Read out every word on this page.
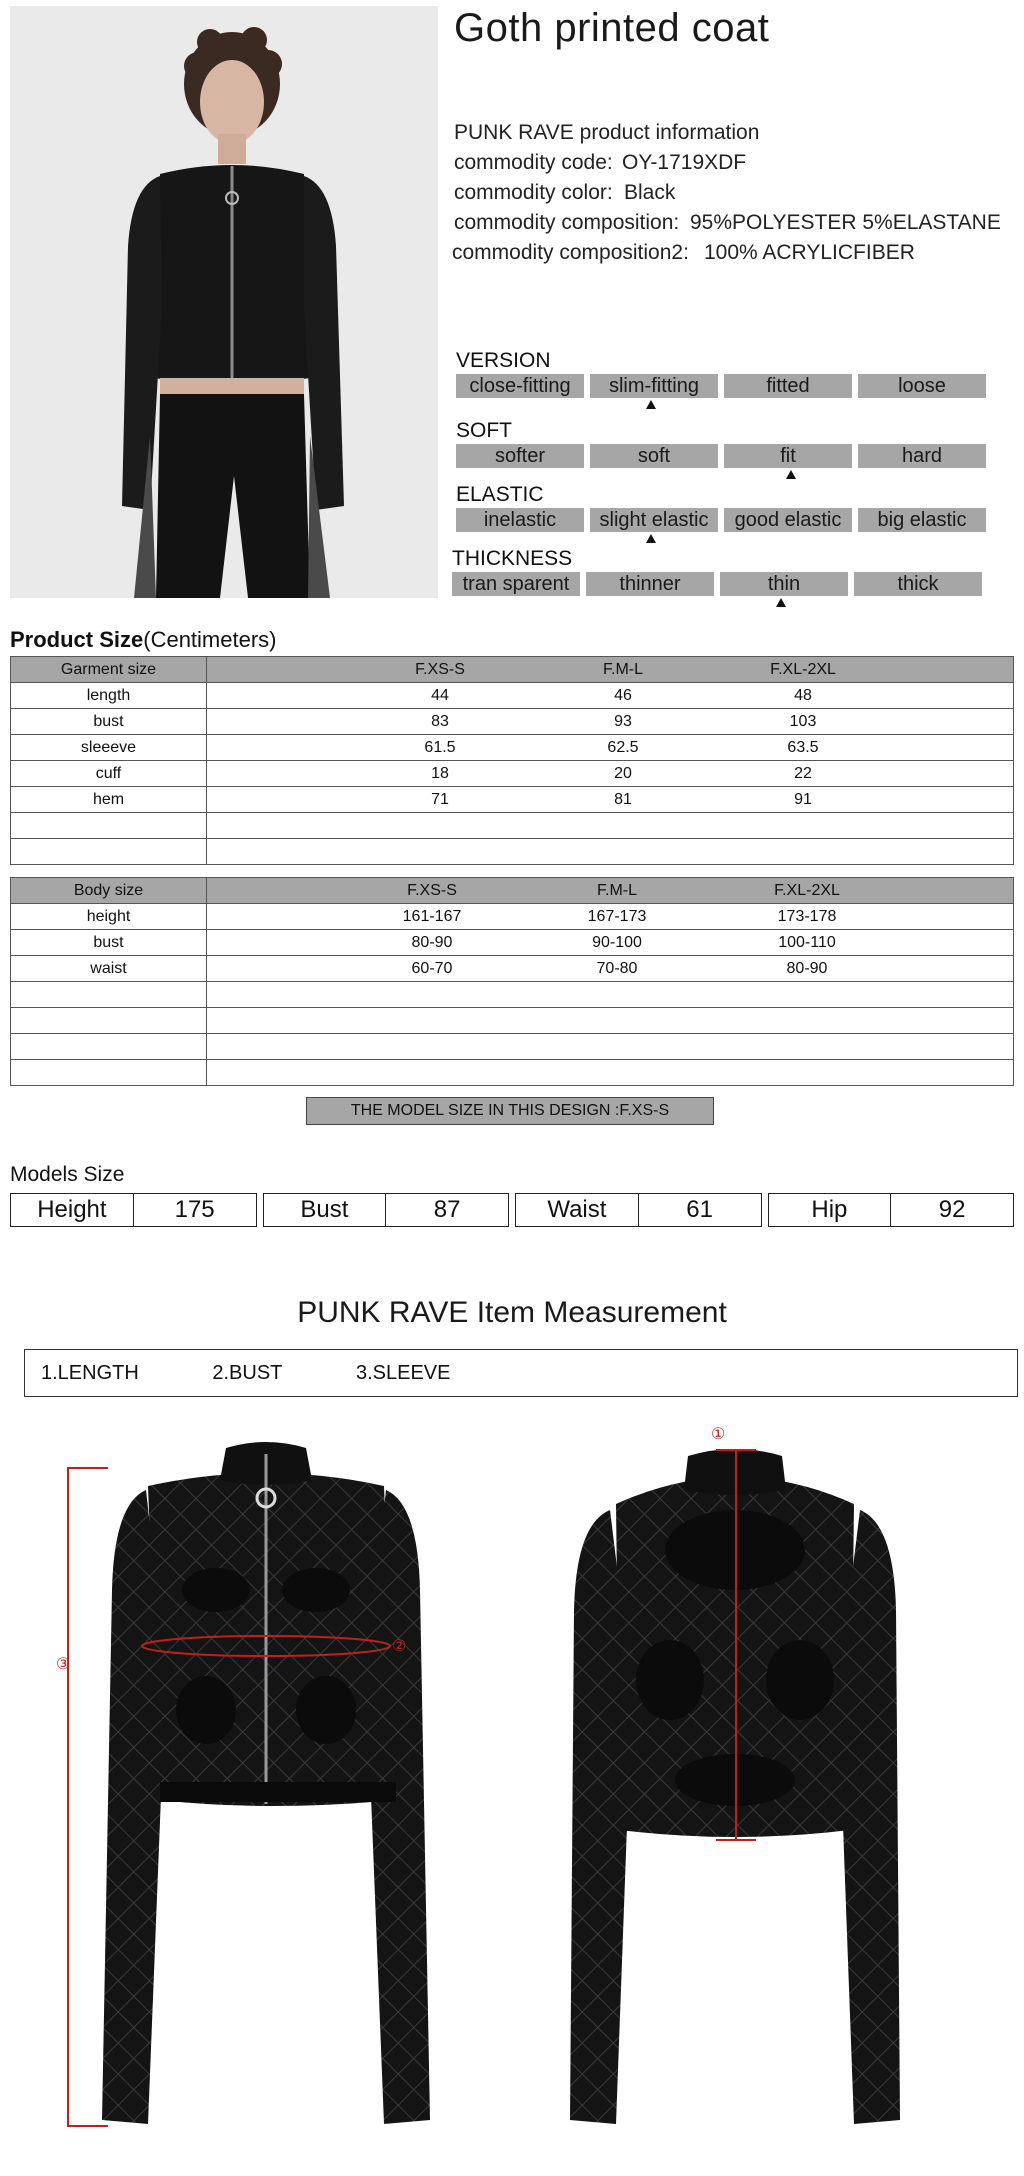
Goth printed coat
PUNK RAVE product information
commodity code: OY-1719XDF
commodity color: Black
commodity composition: 95%POLYESTER 5%ELASTANE
commodity composition2: 100% ACRYLICFIBER
VERSION
close-fitting	slim-fitting	fitted	loose
SOFT
softer	soft	fit	hard
ELASTIC
inelastic	slight elastic	good elastic	big elastic
THICKNESS
tran sparent	thinner	thin	thick
Product Size(Centimeters)
Garment size	F.XS-S F.M-L F.XL-2XL

length	44 46 48

bust	83 93 103

sleeeve	61.5 62.5 63.5

cuff	18 20 22

hem	71 81 91

Body size	F.XS-S F.M-L F.XL-2XL

height	161-167 167-173 173-178

bust	80-90 90-100 100-110

waist	60-70 70-80 80-90

THE MODEL SIZE IN THIS DESIGN :F.XS-S
Models Size
Height	175	Bust	87	Waist	61	Hip	92
PUNK RAVE Item Measurement
1.LENGTH	2.BUST	3.SLEEVE
③
②
①
